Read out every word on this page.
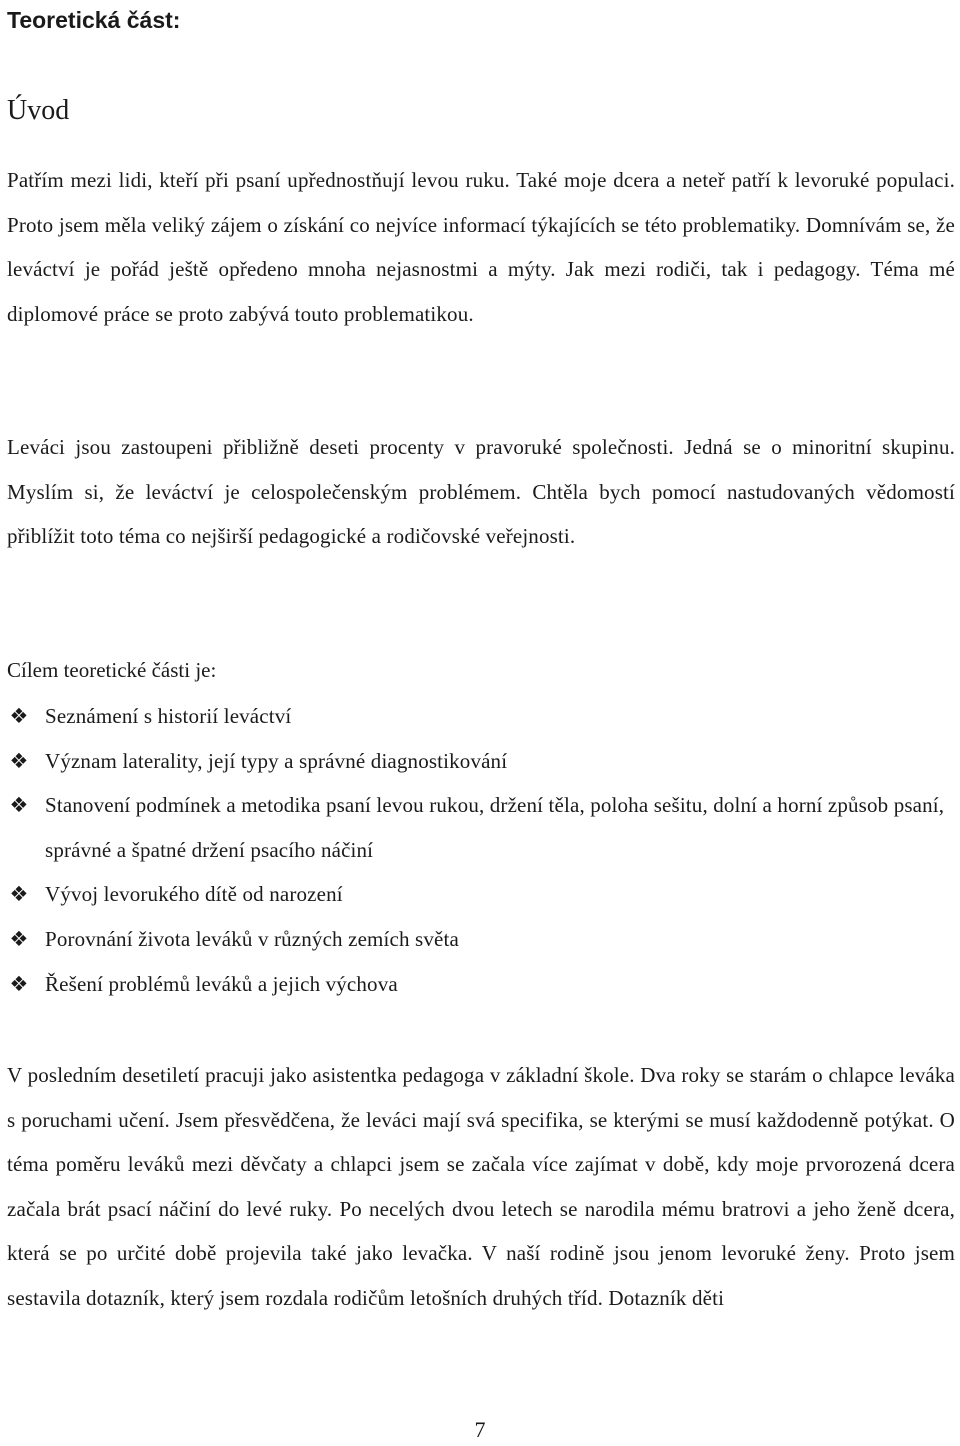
Teoretická část:
Úvod

Patřím mezi lidi, kteří při psaní upřednostňují levou ruku. Také moje dcera a neteř patří k levoruké populaci. Proto jsem měla veliký zájem o získání co nejvíce informací týkajících se této problematiky. Domnívám se, že leváctví je pořád ještě opředeno mnoha nejasnostmi a mýty. Jak mezi rodiči, tak i pedagogy. Téma mé diplomové práce se proto zabývá touto problematikou.

Leváci jsou zastoupeni přibližně deseti procenty v pravoruké společnosti. Jedná se o minoritní skupinu. Myslím si, že leváctví je celospolečenským problémem. Chtěla bych pomocí nastudovaných vědomostí přiblížit toto téma co nejširší pedagogické a rodičovské veřejnosti.

Cílem teoretické části je:

❖ Seznámení s historií leváctví
❖ Význam laterality, její typy a správné diagnostikování
❖ Stanovení podmínek a metodika psaní levou rukou, držení těla, poloha sešitu, dolní a horní způsob psaní, správné a špatné držení psacího náčiní
❖ Vývoj levorukého dítě od narození
❖ Porovnání života leváků v různých zemích světa
❖ Řešení problémů leváků a jejich výchova

V posledním desetiletí pracuji jako asistentka pedagoga v základní škole. Dva roky se starám o chlapce leváka s poruchami učení. Jsem přesvědčena, že leváci mají svá specifika, se kterými se musí každodenně potýkat. O téma poměru leváků mezi děvčaty a chlapci jsem se začala více zajímat v době, kdy moje prvorozená dcera začala brát psací náčiní do levé ruky. Po necelých dvou letech se narodila mému bratrovi a jeho ženě dcera, která se po určité době projevila také jako levačka. V naší rodině jsou jenom levoruké ženy. Proto jsem sestavila dotazník, který jsem rozdala rodičům letošních druhých tříd. Dotazník děti

7
